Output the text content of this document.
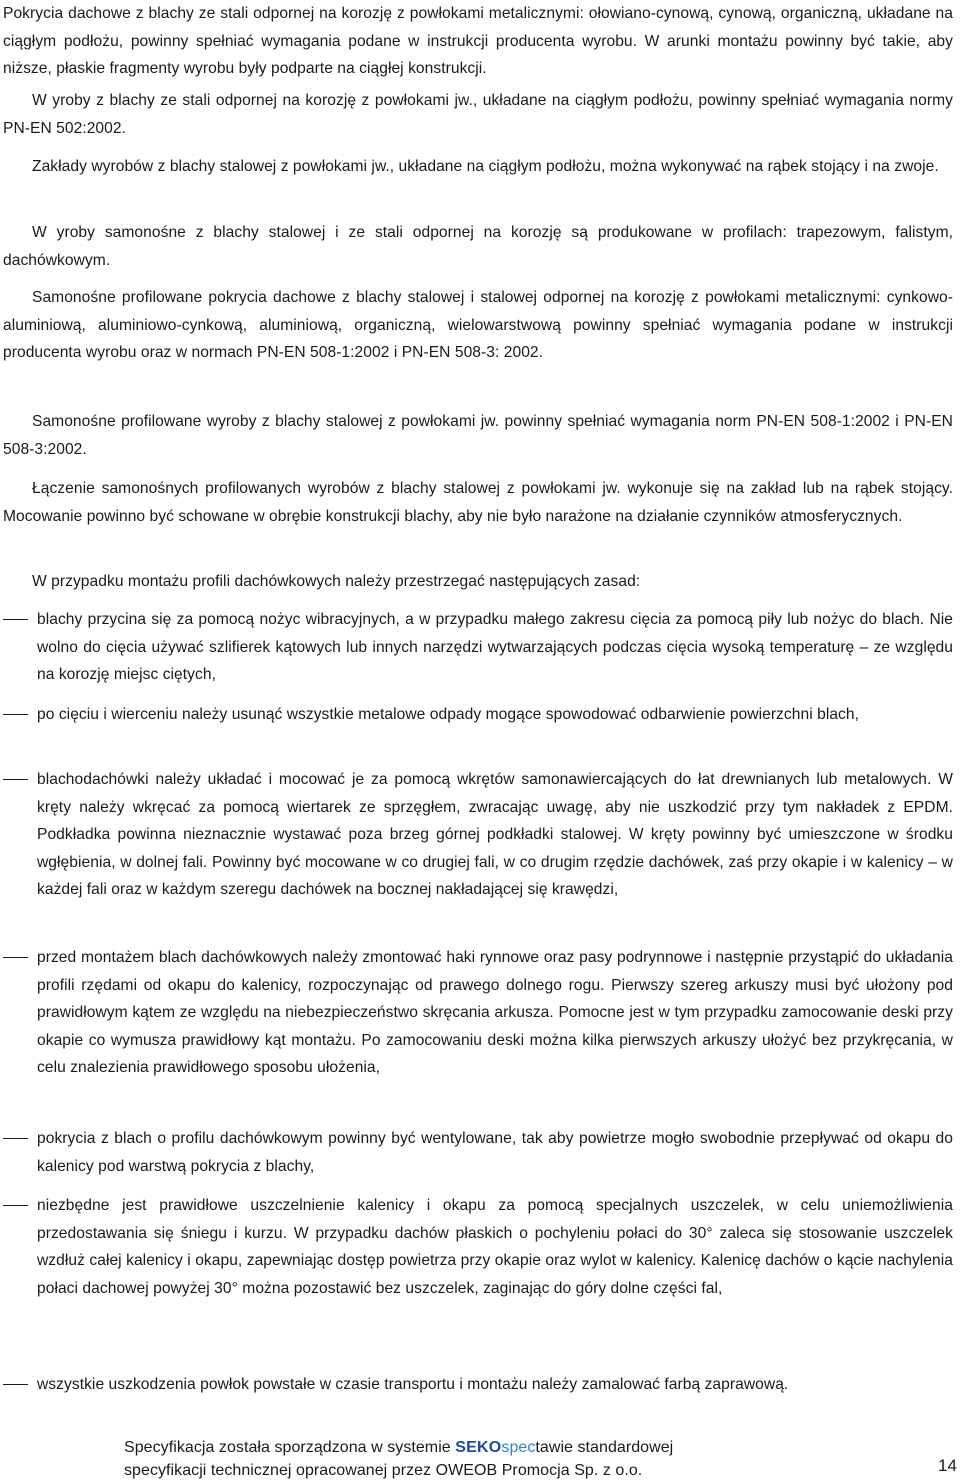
Pokrycia dachowe z blachy ze stali odpornej na korozję z powłokami metalicznymi: ołowiano-cynową, cynową, organiczną, układane na ciągłym podłożu, powinny spełniać wymagania podane w instrukcji producenta wyrobu. W arunki montażu powinny być takie, aby niższe, płaskie fragmenty wyrobu były podparte na ciągłej konstrukcji.

W yroby z blachy ze stali odpornej na korozję z powłokami jw., układane na ciągłym podłożu, powinny spełniać wymagania normy PN-EN 502:2002.

Zakłady wyrobów z blachy stalowej z powłokami jw., układane na ciągłym podłożu, można wykonywać na rąbek stojący i na zwoje.

W yroby samonośne z blachy stalowej i ze stali odpornej na korozję są produkowane w profilach: trapezowym, falistym, dachówkowym.

Samonośne profilowane pokrycia dachowe z blachy stalowej i stalowej odpornej na korozję z powłokami metalicznymi: cynkowo-aluminiową, aluminiowo-cynkową, aluminiową, organiczną, wielowarstwową powinny spełniać wymagania podane w instrukcji producenta wyrobu oraz w normach PN-EN 508-1:2002 i PN-EN 508-3: 2002.

Samonośne profilowane wyroby z blachy stalowej z powłokami jw. powinny spełniać wymagania norm PN-EN 508-1:2002 i PN-EN 508-3:2002.

Łączenie samonośnych profilowanych wyrobów z blachy stalowej z powłokami jw. wykonuje się na zakład lub na rąbek stojący. Mocowanie powinno być schowane w obrębie konstrukcji blachy, aby nie było narażone na działanie czynników atmosferycznych.

W przypadku montażu profili dachówkowych należy przestrzegać następujących zasad:

blachy przycina się za pomocą nożyc wibracyjnych, a w przypadku małego zakresu cięcia za pomocą piły lub nożyc do blach. Nie wolno do cięcia używać szlifierek kątowych lub innych narzędzi wytwarzających podczas cięcia wysoką temperaturę – ze względu na korozję miejsc ciętych,
po cięciu i wierceniu należy usunąć wszystkie metalowe odpady mogące spowodować odbarwienie powierzchni blach,
blachodachówki należy układać i mocować je za pomocą wkrętów samonawiercających do łat drewnianych lub metalowych. W kręty należy wkręcać za pomocą wiertarek ze sprzęgłem, zwracając uwagę, aby nie uszkodzić przy tym nakładek z EPDM. Podkładka powinna nieznacznie wystawać poza brzeg górnej podkładki stalowej. W kręty powinny być umieszczone w środku wgłębienia, w dolnej fali. Powinny być mocowane w co drugiej fali, w co drugim rzędzie dachówek, zaś przy okapie i w kalenicy – w każdej fali oraz w każdym szeregu dachówek na bocznej nakładającej się krawędzi,
przed montażem blach dachówkowych należy zmontować haki rynnowe oraz pasy podrynnowe i następnie przystąpić do układania profili rzędami od okapu do kalenicy, rozpoczynając od prawego dolnego rogu. Pierwszy szereg arkuszy musi być ułożony pod prawidłowym kątem ze względu na niebezpieczeństwo skręcania arkusza. Pomocne jest w tym przypadku zamocowanie deski przy okapie co wymusza prawidłowy kąt montażu. Po zamocowaniu deski można kilka pierwszych arkuszy ułożyć bez przykręcania, w celu znalezienia prawidłowego sposobu ułożenia,
pokrycia z blach o profilu dachówkowym powinny być wentylowane, tak aby powietrze mogło swobodnie przepływać od okapu do kalenicy pod warstwą pokrycia z blachy,
niezbędne jest prawidłowe uszczelnienie kalenicy i okapu za pomocą specjalnych uszczelek, w celu uniemożliwienia przedostawania się śniegu i kurzu. W przypadku dachów płaskich o pochyleniu połaci do 30° zaleca się stosowanie uszczelek wzdłuż całej kalenicy i okapu, zapewniając dostęp powietrza przy okapie oraz wylot w kalenicy. Kalenicę dachów o kącie nachylenia połaci dachowej powyżej 30° można pozostawić bez uszczelek, zaginając do góry dolne części fal,
wszystkie uszkodzenia powłok powstałe w czasie transportu i montażu należy zamalować farbą zaprawową.
Specyfikacja została sporządzona w systemie SEKOspectawie standardowej
specyfikacji technicznej opracowanej przez OWEOB Promocja Sp. z o.o.	14
